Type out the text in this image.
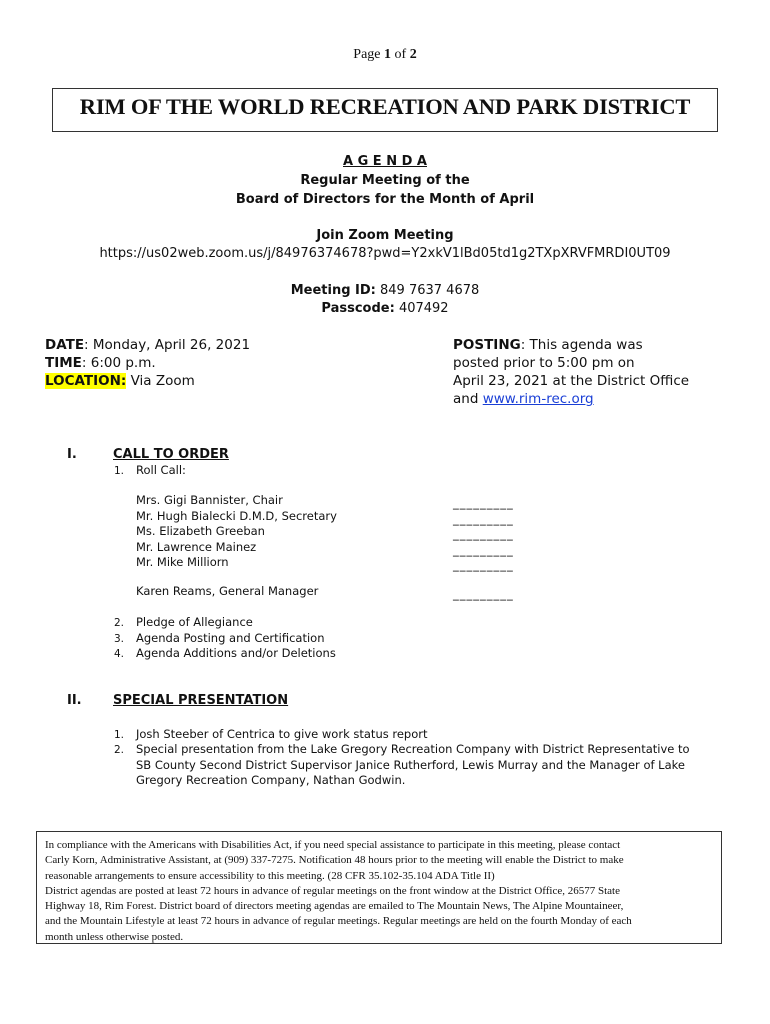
Page 1 of 2
RIM OF THE WORLD RECREATION AND PARK DISTRICT
A G E N D A
Regular Meeting of the
Board of Directors for the Month of April
Join Zoom Meeting
https://us02web.zoom.us/j/84976374678?pwd=Y2xkV1lBd05td1g2TXpXRVFMRDI0UT09
Meeting ID: 849 7637 4678
Passcode: 407492
DATE: Monday, April 26, 2021
TIME: 6:00 p.m.
LOCATION: Via Zoom
POSTING: This agenda was
posted prior to 5:00 pm on
April 23, 2021 at the District Office
and www.rim-rec.org
I.	CALL TO ORDER
1. Roll Call:
Mrs. Gigi Bannister, Chair
Mr. Hugh Bialecki D.M.D, Secretary
Ms. Elizabeth Greeban
Mr. Lawrence Mainez
Mr. Mike Milliorn
_________
_________
_________
_________
_________
Karen Reams, General Manager	_________
2.
3.
4.
Pledge of Allegiance
Agenda Posting and Certification
Agenda Additions and/or Deletions
II. SPECIAL PRESENTATION
1. Josh Steeber of Centrica to give work status report
2. Special presentation from the Lake Gregory Recreation Company with District Representative to
SB County Second District Supervisor Janice Rutherford, Lewis Murray and the Manager of Lake
Gregory Recreation Company, Nathan Godwin.
In compliance with the Americans with Disabilities Act, if you need special assistance to participate in this meeting, please contact
Carly Korn, Administrative Assistant, at (909) 337-7275. Notification 48 hours prior to the meeting will enable the District to make
reasonable arrangements to ensure accessibility to this meeting. (28 CFR 35.102-35.104 ADA Title II)
District agendas are posted at least 72 hours in advance of regular meetings on the front window at the District Office, 26577 State
Highway 18, Rim Forest. District board of directors meeting agendas are emailed to The Mountain News, The Alpine Mountaineer,
and the Mountain Lifestyle at least 72 hours in advance of regular meetings. Regular meetings are held on the fourth Monday of each
month unless otherwise posted.
